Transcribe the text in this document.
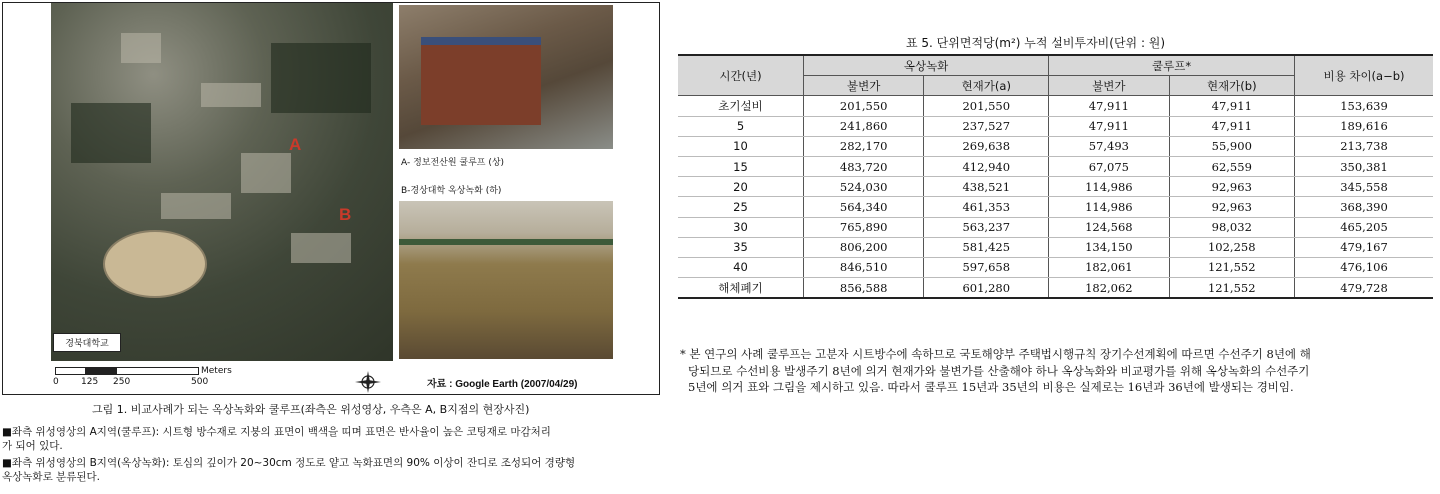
A
B
경북대학교
Meters
0 125 250	500
A- 정보전산원 쿨루프 (상)
B-경상대학 옥상녹화 (하)
자료 : Google Earth (2007/04/29)
그림 1. 비교사례가 되는 옥상녹화와 쿨루프(좌측은 위성영상, 우측은 A, B지점의 현장사진)
■좌측 위성영상의 A지역(쿨루프): 시트형 방수재로 지붕의 표면이 백색을 띠며 표면은 반사율이 높은 코팅재로 마감처리
가 되어 있다.
■좌측 위성영상의 B지역(옥상녹화): 토심의 깊이가 20~30cm 정도로 얕고 녹화표면의 90% 이상이 잔디로 조성되어 경량형
옥상녹화로 분류된다.
표 5. 단위면적당(m²) 누적 설비투자비(단위 : 원)
시간(년)	옥상녹화		쿨루프*		비용 차이(a−b)
	불변가	현재가(a)	불변가	현재가(b)	
초기설비	201,550	201,550	47,911	47,911	153,639
5	241,860	237,527	47,911	47,911	189,616
10	282,170	269,638	57,493	55,900	213,738
15	483,720	412,940	67,075	62,559	350,381
20	524,030	438,521	114,986	92,963	345,558
25	564,340	461,353	114,986	92,963	368,390
30	765,890	563,237	124,568	98,032	465,205
35	806,200	581,425	134,150	102,258	479,167
40	846,510	597,658	182,061	121,552	476,106
해체폐기	856,588	601,280	182,062	121,552	479,728
* 본 연구의 사례 쿨루프는 고분자 시트방수에 속하므로 국토해양부 주택법시행규칙 장기수선계획에 따르면 수선주기 8년에 해
당되므로 수선비용 발생주기 8년에 의거 현재가와 불변가를 산출해야 하나 옥상녹화와 비교평가를 위해 옥상녹화의 수선주기
5년에 의거 표와 그림을 제시하고 있음. 따라서 쿨루프 15년과 35년의 비용은 실제로는 16년과 36년에 발생되는 경비임.
